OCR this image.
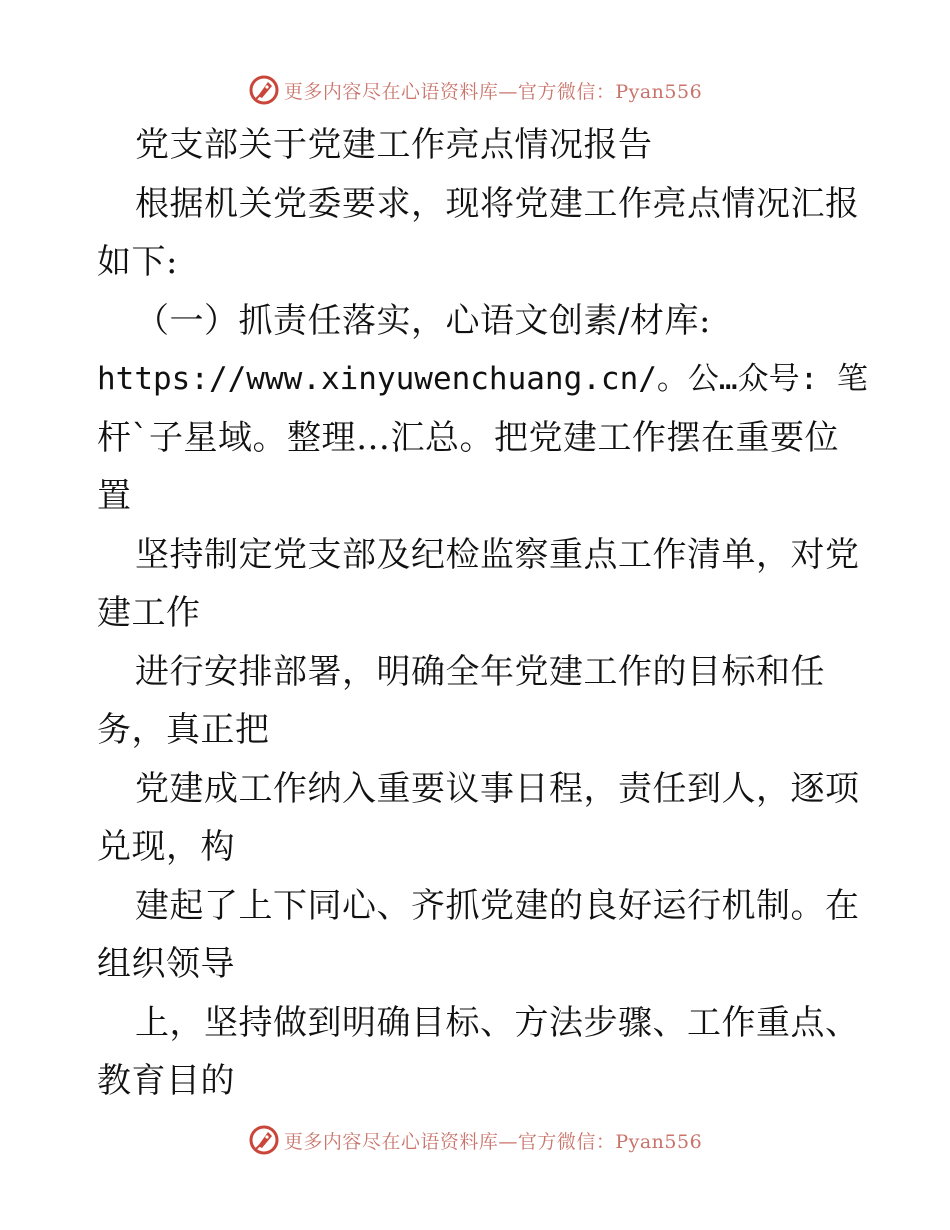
更多内容尽在心语资料库—官方微信：Pyan556
党支部关于党建工作亮点情况报告
根据机关党委要求，现将党建工作亮点情况汇报
如下:
（一）抓责任落实，心语文创素/材库:
https://www.xinyuwenchuang.cn/。公…众号: 笔
杆`子星域。整理…汇总。把党建工作摆在重要位
置
坚持制定党支部及纪检监察重点工作清单，对党
建工作
进行安排部署，明确全年党建工作的目标和任
务，真正把
党建成工作纳入重要议事日程，责任到人，逐项
兑现，构
建起了上下同心、齐抓党建的良好运行机制。在
组织领导
上，坚持做到明确目标、方法步骤、工作重点、
教育目的
更多内容尽在心语资料库—官方微信：Pyan556
